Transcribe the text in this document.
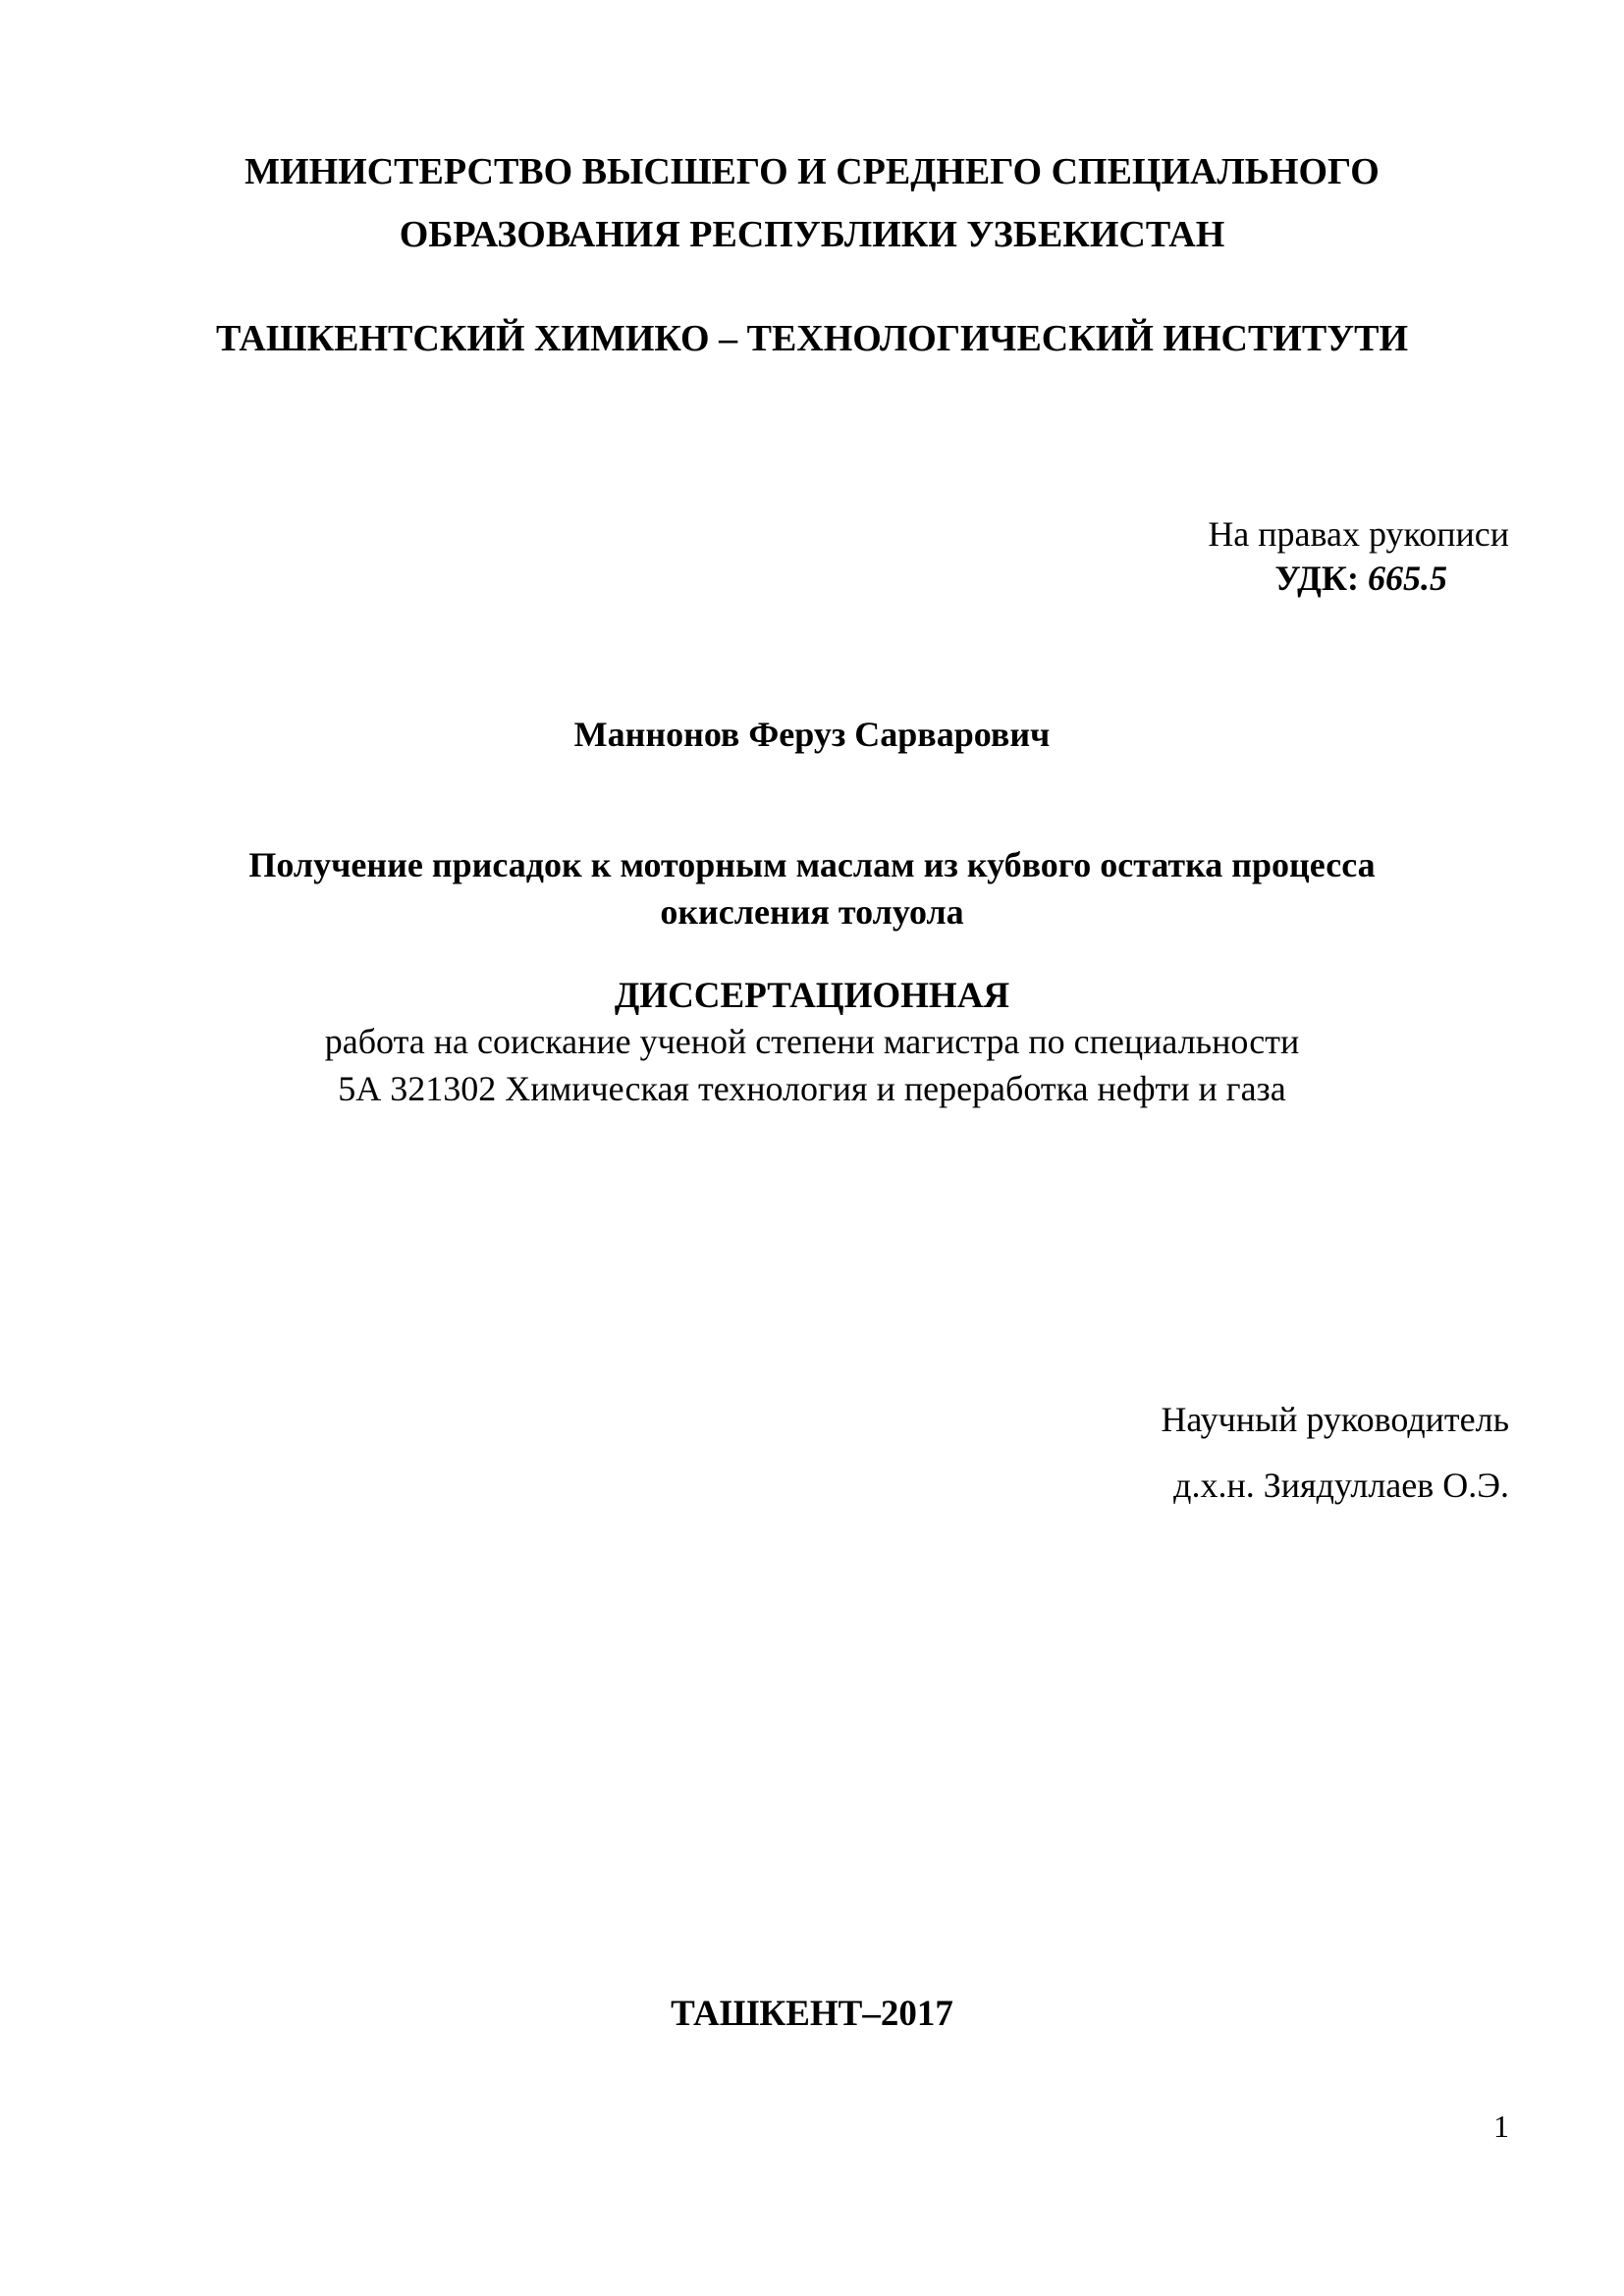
МИНИСТЕРСТВО ВЫСШЕГО И СРЕДНЕГО СПЕЦИАЛЬНОГО
ОБРАЗОВАНИЯ РЕСПУБЛИКИ УЗБЕКИСТАН
ТАШКЕНТСКИЙ ХИМИКО – ТЕХНОЛОГИЧЕСКИЙ ИНСТИТУТИ
На правах рукописи
УДК: 665.5
Маннонов Феруз Сарварович
Получение присадок к моторным маслам из кубвого остатка процесса
окисления толуола
ДИССЕРТАЦИОННАЯ
работа на соискание ученой степени магистра по специальности
5А 321302 Химическая технология и переработка нефти и газа
Научный руководитель
д.х.н. Зиядуллаев О.Э.
ТАШКЕНТ–2017
1
